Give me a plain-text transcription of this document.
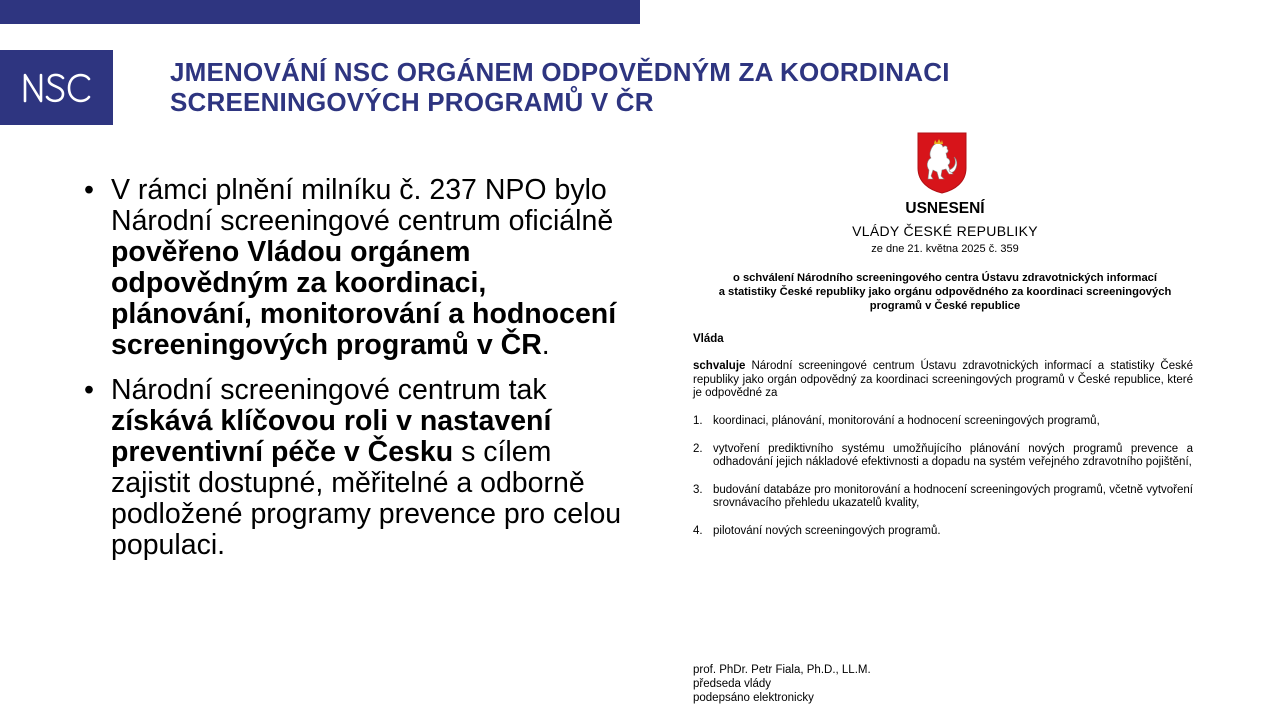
JMENOVÁNÍ NSC ORGÁNEM ODPOVĚDNÝM ZA KOORDINACI
SCREENINGOVÝCH PROGRAMŮ V ČR
• V rámci plnění milníku č. 237 NPO bylo Národní screeningové centrum oficiálně pověřeno Vládou orgánem odpovědným za koordinaci, plánování, monitorování a hodnocení screeningových programů v ČR.
• Národní screeningové centrum tak získává klíčovou roli v nastavení preventivní péče v Česku s cílem zajistit dostupné, měřitelné a odborně podložené programy prevence pro celou populaci.
USNESENÍ
VLÁDY ČESKÉ REPUBLIKY
ze dne 21. května 2025 č. 359
o schválení Národního screeningového centra Ústavu zdravotnických informací
a statistiky České republiky jako orgánu odpovědného za koordinaci screeningových
programů v České republice
Vláda

schvaluje Národní screeningové centrum Ústavu zdravotnických informací a statistiky České republiky jako orgán odpovědný za koordinaci screeningových programů v České republice, které je odpovědné za

1. koordinaci, plánování, monitorování a hodnocení screeningových programů,
2. vytvoření prediktivního systému umožňujícího plánování nových programů prevence a odhadování jejich nákladové efektivnosti a dopadu na systém veřejného zdravotního pojištění,
3. budování databáze pro monitorování a hodnocení screeningových programů, včetně vytvoření srovnávacího přehledu ukazatelů kvality,
4. pilotování nových screeningových programů.
prof. PhDr. Petr Fiala, Ph.D., LL.M.
předseda vlády
podepsáno elektronicky
